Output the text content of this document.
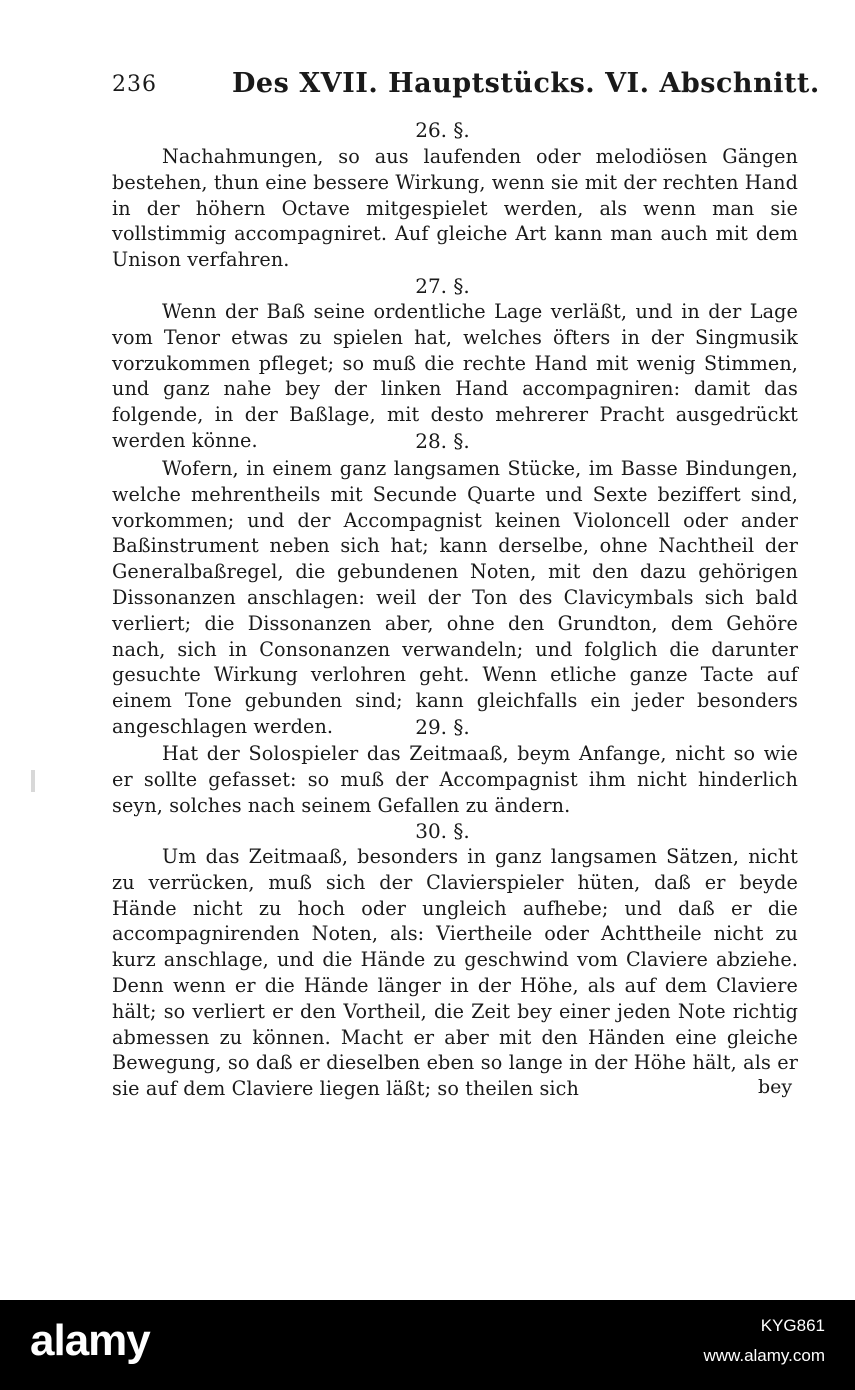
236	Des XVII. Hauptstücks. VI. Abschnitt.
26. §.
Nachahmungen, so aus laufenden oder melodiösen Gängen bestehen, thun eine bessere Wirkung, wenn sie mit der rechten Hand in der höhern Octave mitgespielet werden, als wenn man sie vollstimmig accompagniret. Auf gleiche Art kann man auch mit dem Unison verfahren.
27. §.
Wenn der Baß seine ordentliche Lage verläßt, und in der Lage vom Tenor etwas zu spielen hat, welches öfters in der Singmusik vorzukommen pfleget; so muß die rechte Hand mit wenig Stimmen, und ganz nahe bey der linken Hand accompagniren: damit das folgende, in der Baßlage, mit desto mehrerer Pracht ausgedrückt werden könne.	28. §.
Wofern, in einem ganz langsamen Stücke, im Basse Bindungen, welche mehrentheils mit Secunde Quarte und Sexte beziffert sind, vorkommen; und der Accompagnist keinen Violoncell oder ander Baßinstrument neben sich hat; kann derselbe, ohne Nachtheil der Generalbaßregel, die gebundenen Noten, mit den dazu gehörigen Dissonanzen anschlagen: weil der Ton des Clavicymbals sich bald verliert; die Dissonanzen aber, ohne den Grundton, dem Gehöre nach, sich in Consonanzen verwandeln; und folglich die darunter gesuchte Wirkung verlohren geht. Wenn etliche ganze Tacte auf einem Tone gebunden sind; kann gleichfalls ein jeder besonders angeschlagen werden.	29. §.
Hat der Solospieler das Zeitmaaß, beym Anfange, nicht so wie er sollte gefasset: so muß der Accompagnist ihm nicht hinderlich seyn, solches nach seinem Gefallen zu ändern.
30. §.
Um das Zeitmaaß, besonders in ganz langsamen Sätzen, nicht zu verrücken, muß sich der Clavierspieler hüten, daß er beyde Hände nicht zu hoch oder ungleich aufhebe; und daß er die accompagnirenden Noten, als: Viertheile oder Achttheile nicht zu kurz anschlage, und die Hände zu geschwind vom Claviere abziehe. Denn wenn er die Hände länger in der Höhe, als auf dem Claviere hält; so verliert er den Vortheil, die Zeit bey einer jeden Note richtig abmessen zu können. Macht er aber mit den Händen eine gleiche Bewegung, so daß er dieselben eben so lange in der Höhe hält, als er sie auf dem Claviere liegen läßt; so theilen sich	bey
alamy	KYG861
www.alamy.com
